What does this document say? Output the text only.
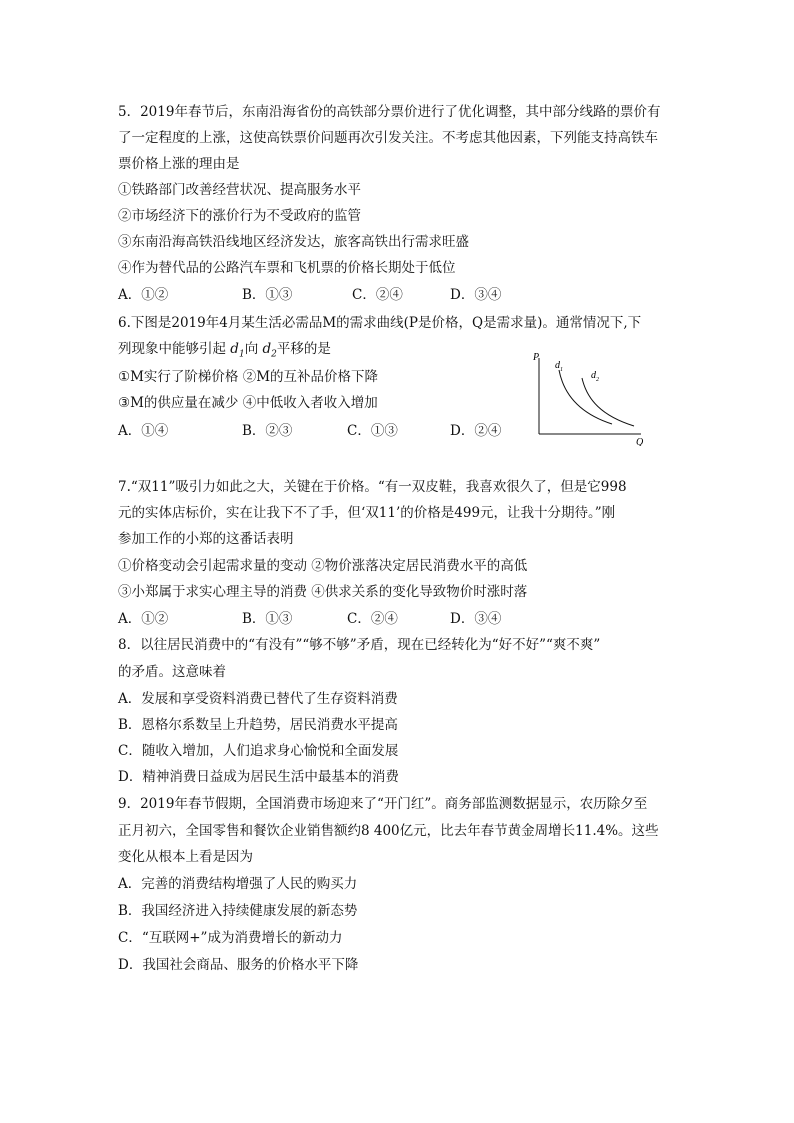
5．2019年春节后，东南沿海省份的高铁部分票价进行了优化调整，其中部分线路的票价有
了一定程度的上涨，这使高铁票价问题再次引发关注。不考虑其他因素，下列能支持高铁车
票价格上涨的理由是
①铁路部门改善经营状况、提高服务水平
②市场经济下的涨价行为不受政府的监管
③东南沿海高铁沿线地区经济发达，旅客高铁出行需求旺盛
④作为替代品的公路汽车票和飞机票的价格长期处于低位
A．①②	B．①③	C．②④	D．③④
6.下图是2019年4月某生活必需品M的需求曲线(P是价格，Q是需求量)。通常情况下,下
列现象中能够引起 $d_1$向 $d_2$平移的是
①M实行了阶梯价格 ②M的互补品价格下降
③M的供应量在减少 ④中低收入者收入增加
A．①④	B．②③	C．①③	D．②④
P
Q
$d_1$	$d_2$
7.“双11”吸引力如此之大，关键在于价格。“有一双皮鞋，我喜欢很久了，但是它998
元的实体店标价，实在让我下不了手，但‘双11’的价格是499元，让我十分期待。”刚
参加工作的小郑的这番话表明
①价格变动会引起需求量的变动 ②物价涨落决定居民消费水平的高低
③小郑属于求实心理主导的消费 ④供求关系的变化导致物价时涨时落
A．①②	B．①③	C．②④	D．③④
8．以往居民消费中的“有没有”“够不够”矛盾，现在已经转化为“好不好”“爽不爽”
的矛盾。这意味着
A．发展和享受资料消费已替代了生存资料消费
B．恩格尔系数呈上升趋势，居民消费水平提高
C．随收入增加，人们追求身心愉悦和全面发展
D．精神消费日益成为居民生活中最基本的消费
9．2019年春节假期，全国消费市场迎来了“开门红”。商务部监测数据显示，农历除夕至
正月初六，全国零售和餐饮企业销售额约8 400亿元，比去年春节黄金周增长11.4%。这些
变化从根本上看是因为
A．完善的消费结构增强了人民的购买力
B．我国经济进入持续健康发展的新态势
C．“互联网+”成为消费增长的新动力
D．我国社会商品、服务的价格水平下降
